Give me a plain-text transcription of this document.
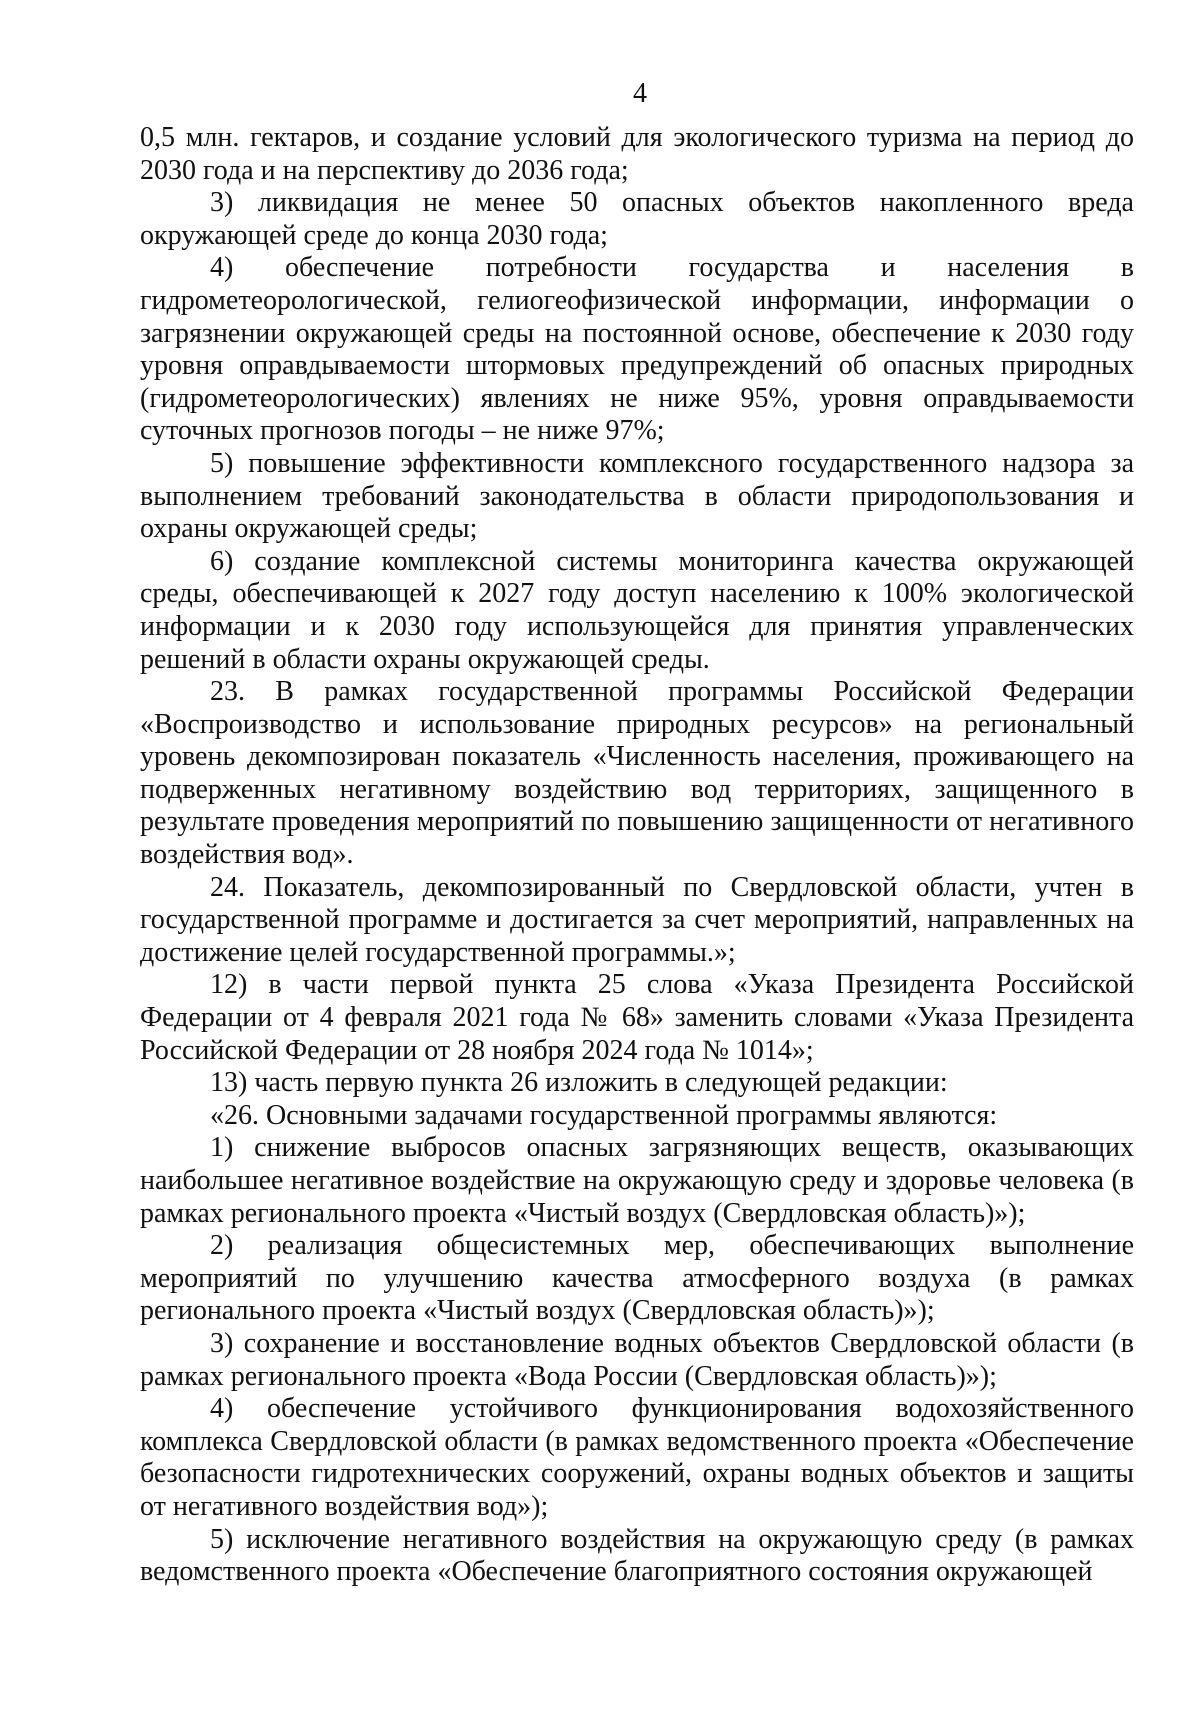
4

0,5 млн. гектаров, и создание условий для экологического туризма на период до 2030 года и на перспективу до 2036 года;

3) ликвидация не менее 50 опасных объектов накопленного вреда окружающей среде до конца 2030 года;

4) обеспечение потребности государства и населения в гидрометеорологической, гелиогеофизической информации, информации о загрязнении окружающей среды на постоянной основе, обеспечение к 2030 году уровня оправдываемости штормовых предупреждений об опасных природных (гидрометеорологических) явлениях не ниже 95%, уровня оправдываемости суточных прогнозов погоды – не ниже 97%;

5) повышение эффективности комплексного государственного надзора за выполнением требований законодательства в области природопользования и охраны окружающей среды;

6) создание комплексной системы мониторинга качества окружающей среды, обеспечивающей к 2027 году доступ населению к 100% экологической информации и к 2030 году использующейся для принятия управленческих решений в области охраны окружающей среды.

23. В рамках государственной программы Российской Федерации «Воспроизводство и использование природных ресурсов» на региональный уровень декомпозирован показатель «Численность населения, проживающего на подверженных негативному воздействию вод территориях, защищенного в результате проведения мероприятий по повышению защищенности от негативного воздействия вод».

24. Показатель, декомпозированный по Свердловской области, учтен в государственной программе и достигается за счет мероприятий, направленных на достижение целей государственной программы.»;

12) в части первой пункта 25 слова «Указа Президента Российской Федерации от 4 февраля 2021 года № 68» заменить словами «Указа Президента Российской Федерации от 28 ноября 2024 года № 1014»;

13) часть первую пункта 26 изложить в следующей редакции:

«26. Основными задачами государственной программы являются:

1) снижение выбросов опасных загрязняющих веществ, оказывающих наибольшее негативное воздействие на окружающую среду и здоровье человека (в рамках регионального проекта «Чистый воздух (Свердловская область)»);

2) реализация общесистемных мер, обеспечивающих выполнение мероприятий по улучшению качества атмосферного воздуха (в рамках регионального проекта «Чистый воздух (Свердловская область)»);

3) сохранение и восстановление водных объектов Свердловской области (в рамках регионального проекта «Вода России (Свердловская область)»);

4) обеспечение устойчивого функционирования водохозяйственного комплекса Свердловской области (в рамках ведомственного проекта «Обеспечение безопасности гидротехнических сооружений, охраны водных объектов и защиты от негативного воздействия вод»);

5) исключение негативного воздействия на окружающую среду (в рамках ведомственного проекта «Обеспечение благоприятного состояния окружающей
